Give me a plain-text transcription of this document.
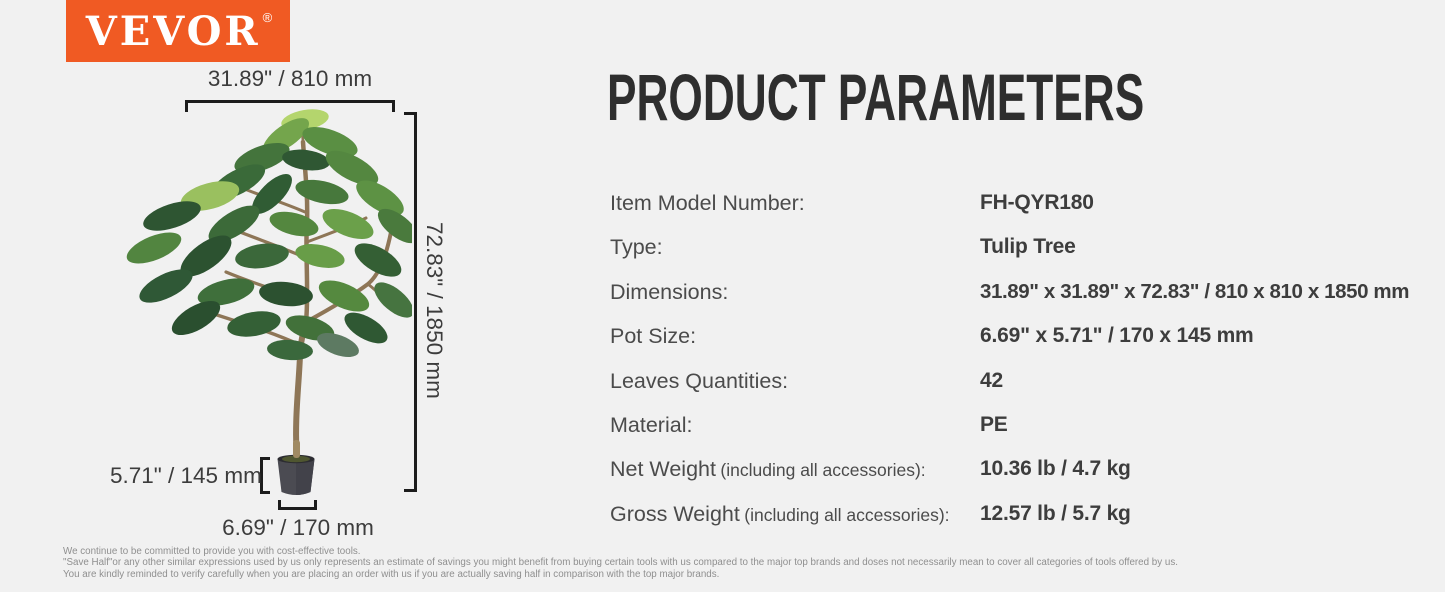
VEVOR ®
31.89" / 810 mm
72.83" / 1850 mm
5.71" / 145 mm
6.69" / 170 mm
PRODUCT PARAMETERS
Item Model Number:	FH-QYR180
Type:	Tulip Tree
Dimensions:	31.89" x 31.89" x 72.83" / 810 x 810 x 1850 mm
Pot Size:	6.69" x 5.71" / 170 x 145 mm
Leaves Quantities:	42
Material:	PE
Net Weight (including all accessories):	10.36 lb / 4.7 kg
Gross Weight (including all accessories): 12.57 lb / 5.7 kg
We continue to be committed to provide you with cost-effective tools.
"Save Half"or any other similar expressions used by us only represents an estimate of savings you might benefit from buying certain tools with us compared to the major top brands and doses not necessarily mean to cover all categories of tools offered by us.
You are kindly reminded to verify carefully when you are placing an order with us if you are actually saving half in comparison with the top major brands.
